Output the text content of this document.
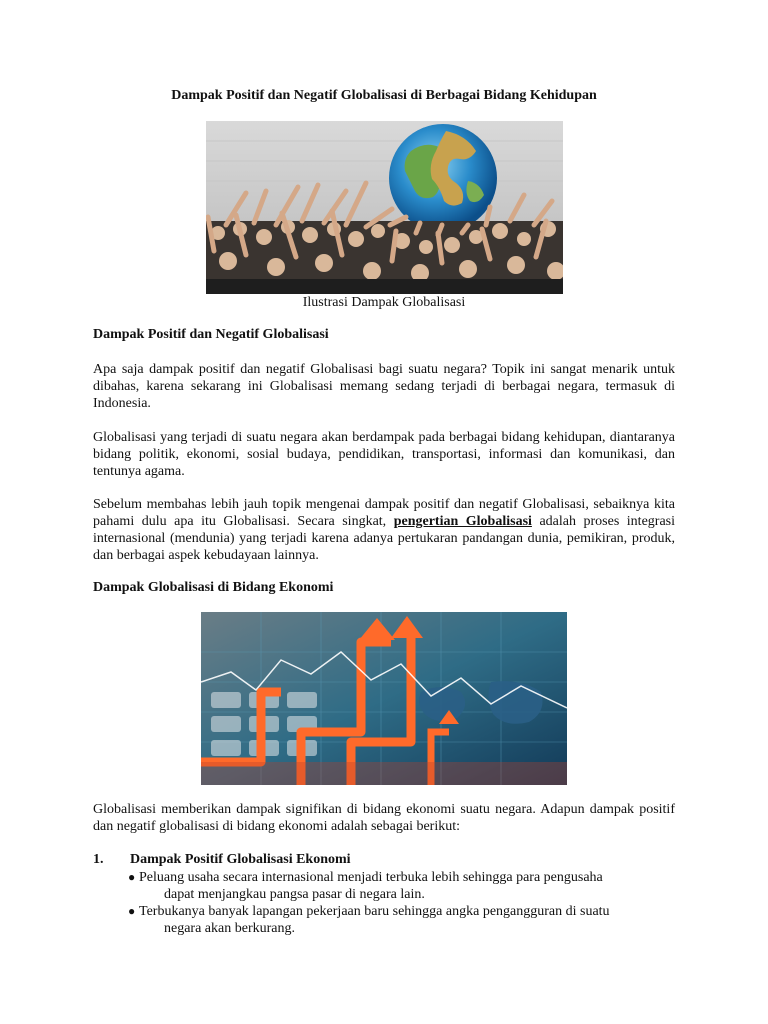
Dampak Positif dan Negatif Globalisasi di Berbagai Bidang Kehidupan
Ilustrasi Dampak Globalisasi
Dampak Positif dan Negatif Globalisasi

Apa saja dampak positif dan negatif Globalisasi bagi suatu negara? Topik ini sangat menarik untuk dibahas, karena sekarang ini Globalisasi memang sedang terjadi di berbagai negara, termasuk di Indonesia.

Globalisasi yang terjadi di suatu negara akan berdampak pada berbagai bidang kehidupan, diantaranya bidang politik, ekonomi, sosial budaya, pendidikan, transportasi, informasi dan komunikasi, dan tentunya agama.

Sebelum membahas lebih jauh topik mengenai dampak positif dan negatif Globalisasi, sebaiknya kita pahami dulu apa itu Globalisasi. Secara singkat, pengertian Globalisasi adalah proses integrasi internasional (mendunia) yang terjadi karena adanya pertukaran pandangan dunia, pemikiran, produk, dan berbagai aspek kebudayaan lainnya.

Dampak Globalisasi di Bidang Ekonomi

Globalisasi memberikan dampak signifikan di bidang ekonomi suatu negara. Adapun dampak positif dan negatif globalisasi di bidang ekonomi adalah sebagai berikut:

1. Dampak Positif Globalisasi Ekonomi
● Peluang usaha secara internasional menjadi terbuka lebih sehingga para pengusaha
dapat menjangkau pangsa pasar di negara lain.
● Terbukanya banyak lapangan pekerjaan baru sehingga angka pengangguran di suatu
negara akan berkurang.
